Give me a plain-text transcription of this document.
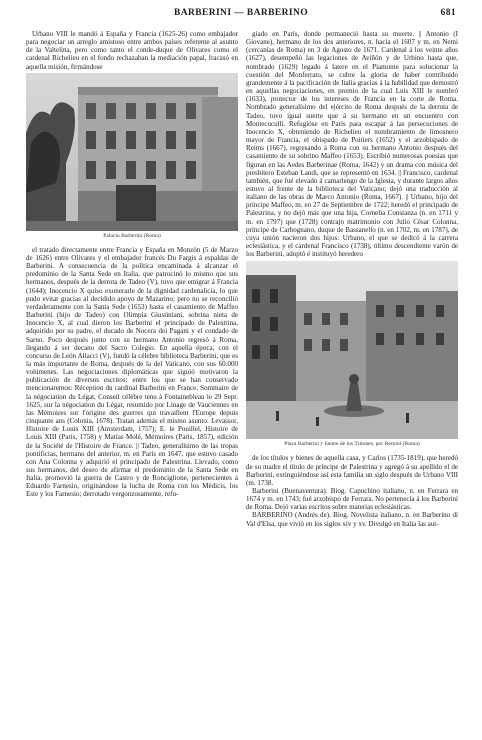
BARBERINI — BARBERINO	681

Urbano VIII le mandó á España y Francia (1625-26) como embajador para negociar un arreglo amistoso entre ambos países referente al asunto de la Valtelina, pero como tanto el conde-duque de Olivares como el cardenal Richelieu en el fondo rechazaban la mediación papal, fracasó en aquella misión, firmándose

Palacio Barberini (Roma)

el tratado directamente entre Francia y España en Monzón (5 de Marzo de 1626) entre Olivares y el embajador francés Du Fargis á espaldas de Barberini. A consecuencia de la política encaminada á alcanzar el predominio de la Santa Sede en Italia, que patrocinó lo mismo que sus hermanos, después de la derrota de Tadeo (V), tuvo que emigrar á Francia (1644); Inocencio X quiso exonerarle de la dignidad cardenalicia, lo que pudo evitar gracias al decidido apoyo de Mazarino; pero no se reconcilió verdaderamente con la Santa Sede (1653) hasta el casamiento de Maffeo Barberini (hijo de Tadeo) con Olimpia Giustiniani, sobrina nieta de Inocencio X, al cual dieron los Barberini el principado de Palestrina, adquirido por su padre, el ducado de Nocera dei Pagani y el condado de Sarno. Poco después junto con su hermano Antonio regresó á Roma, llegando á ser decano del Sacro Colegio. En aquella época, con el concurso de León Allacci (V), fundó la célebre biblioteca Barberini, que es la más importante de Roma, después de la del Vaticano, con sus 60.000 volúmenes. Las negociaciones diplomáticas que siguió motivaron la publicación de diversos escritos; entre los que se han conservado mencionaremos: Réception du cardinal Barberini en France, Sommaire de la négociation du Légat, Conseil célèbre tenu à Fontainebleau le 29 Sept. 1625, sur la négociation du Légat, resumido por Linage de Vauciennes en las Mémoires sur l'origine des guerres qui travaillent l'Europe depuis cinquante ans (Colonia, 1678). Tratan además el mismo asunto: Levassor, Histoire de Louis XIII (Amsterdam, 1757); E. le Pouillel, Histoire de Louis XIII (Paris, 1758) y Matías Molé, Mémoires (Paris, 1857), edición de la Société de l'Histoire de France. || Tadeo, generalísimo de las tropas pontificias, hermano del anterior, m. en París en 1647, que estuvo casado con Ana Colonna y adquirió el principado de Palestrina. Llevado, como sus hermanos, del deseo de afirmar el predominio de la Santa Sede en Italia, promovió la guerra de Castro y de Ronciglione, pertenecientes á Eduardo Farnesio, originándose la lucha de Roma con los Médicis, los Este y los Farnesio; derrotado vergonzosamente, refu-

giado en París, donde permaneció hasta su muerte. || Antonio (I Giovane), hermano de los dos anteriores, n. hacia el 1607 y m. en Nemi (cercanías de Roma) en 3 de Agosto de 1671. Cardenal á los veinte años (1627), desempeñó las legaciones de Aviñón y de Urbino hasta que, nombrado (1629) legado á latere en el Piamonte para solucionar la cuestión del Monferrato, se cubre la gloria de haber contribuido grandemente á la pacificación de Italia gracias á la habilidad que demostró en aquellas negociaciones, en premio de la cual Luis XIII le nombró (1633), protector de los intereses de Francia en la corte de Roma. Nombrado generalísimo del ejército de Roma después de la derrota de Tadeo, tuvo igual suerte que á su hermano en un encuentro con Montecuculli. Refugióse en París para escapar á las persecuciones de Inocencio X, obteniendo de Richelieu el nombramiento de limosnero mayor de Francia, el obispado de Poitiers (1652) y el arzobispado de Reims (1667), regresando á Roma con su hermano Antonio después del casamiento de su sobrino Maffeo (1653). Escribió numerosas poesías que figuran en las Aedes Barberinae (Roma, 1642) y un drama con música del presbítero Esteban Landi, que se representó en 1634. || Francisco, cardenal también, que fué elevado á camarlengo de la Iglesia, y durante largos años estuvo al frente de la biblioteca del Vaticano; dejó una traducción al italiano de las obras de Marco Antonio (Roma, 1667). || Urbano, hijo del príncipe Maffeo, m. en 27 de Septiembre de 1722; heredó el principado de Palestrina, y no dejó más que una hija, Cornelia Constanza (n. en 1711 y m. en 1797) que (1728) contrajo matrimonio con Julio César Colonna, príncipe de Carbognano, duque de Bassanello (n. en 1702, m. en 1787), de cuya unión nacieron dos hijos: Urbano, el que se dedicó á la carrera eclesiástica, y el cardenal Francisco (1738), último descendiente varón de los Barberini, adoptó é instituyó heredero

Plaza Barberini y fuente de los Tritones, por Bernini (Roma)

de los títulos y bienes de aquella casa, y Carlos (1735-1819), que heredó de su madre el título de príncipe de Palestrina y agregó á su apellido el de Barberini, extinguiéndose así esta familia un siglo después de Urbano VIII (m. 1738.

Barberini (Buenaventura). Biog. Capuchino italiano, n. en Ferrara en 1674 y m. en 1743; fué arzobispo de Ferrara. No pertenecía á los Barberini de Roma. Dejó varias escritos sobre materias eclesiásticas.

BARBERINO (Andrés de). Biog. Novelista italiano, n. en Barberino di Val d'Elsa, que vivió en los siglos xiv y xv. Divulgó en Italia las aut-
